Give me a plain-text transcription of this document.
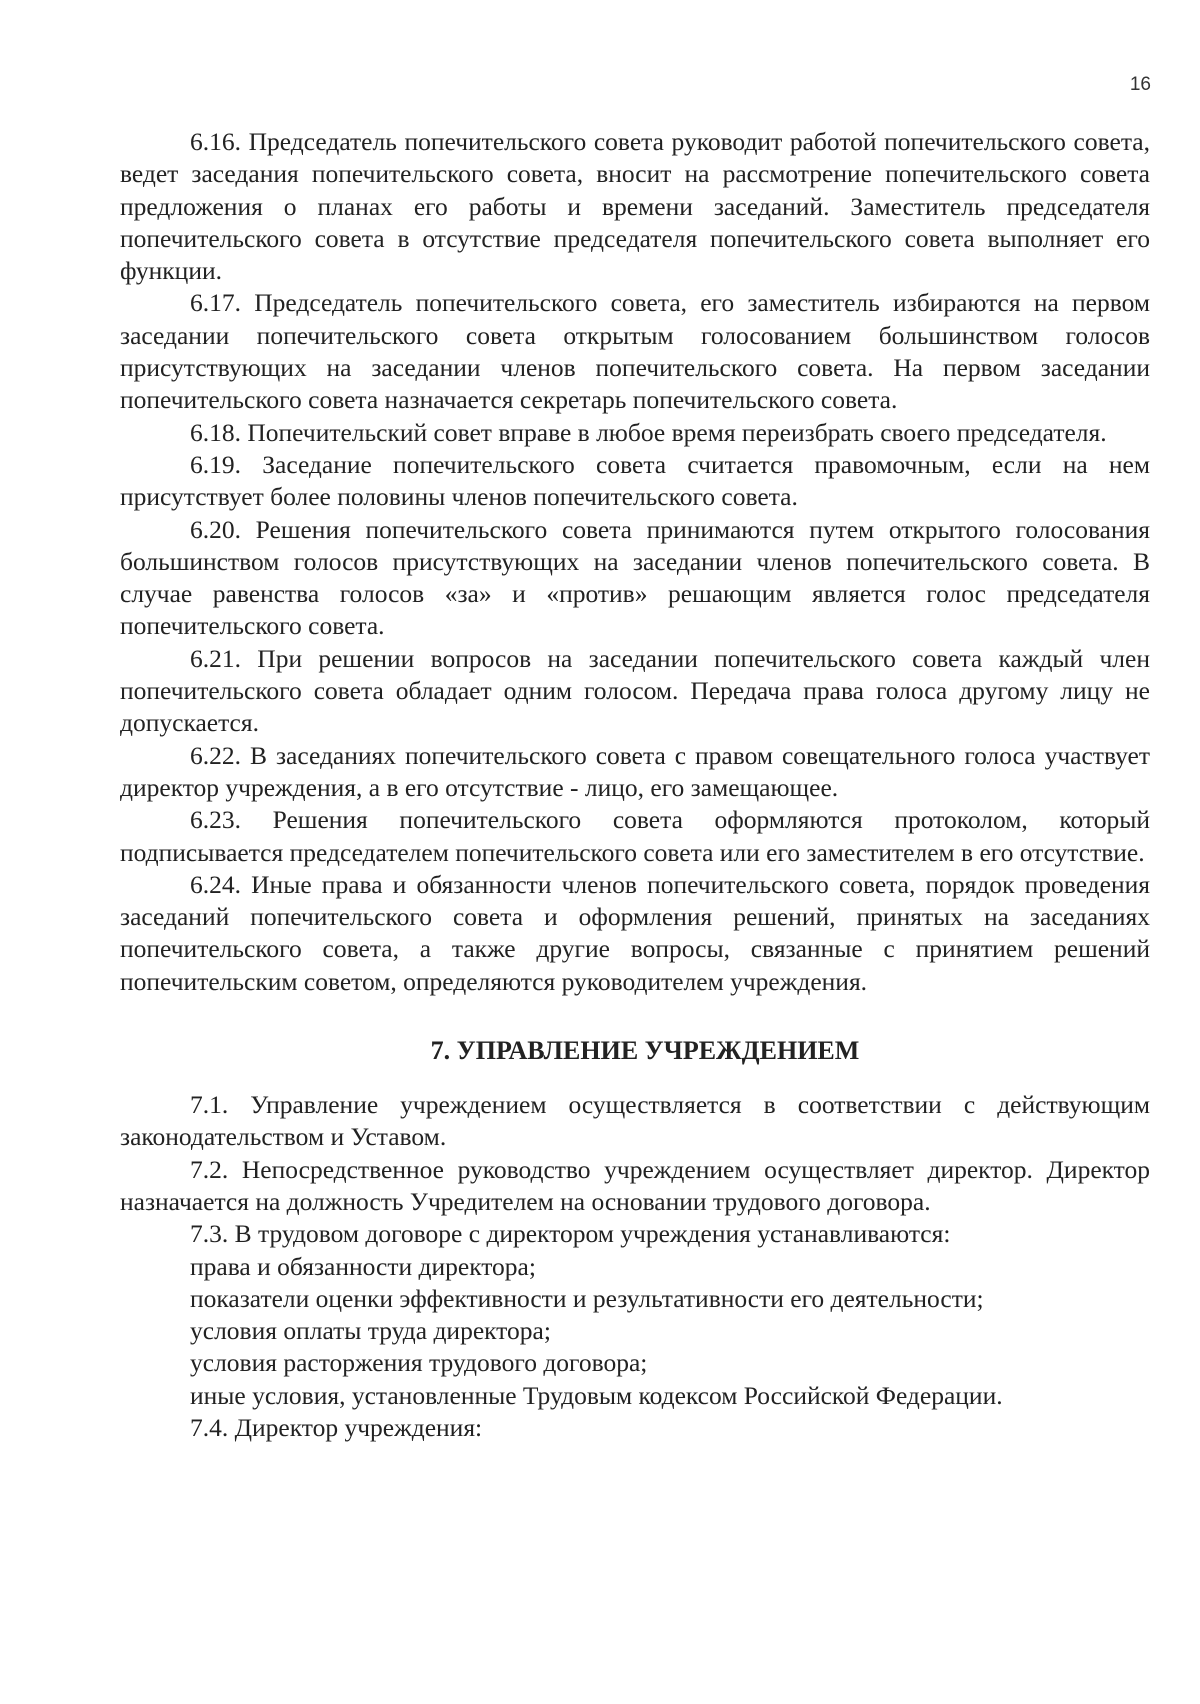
16

6.16. Председатель попечительского совета руководит работой попечительского совета, ведет заседания попечительского совета, вносит на рассмотрение попечительского совета предложения о планах его работы и времени заседаний. Заместитель председателя попечительского совета в отсутствие председателя попечительского совета выполняет его функции.

6.17. Председатель попечительского совета, его заместитель избираются на первом заседании попечительского совета открытым голосованием большинством голосов присутствующих на заседании членов попечительского совета. На первом заседании попечительского совета назначается секретарь попечительского совета.

6.18. Попечительский совет вправе в любое время переизбрать своего председателя.

6.19. Заседание попечительского совета считается правомочным, если на нем присутствует более половины членов попечительского совета.

6.20. Решения попечительского совета принимаются путем открытого голосования большинством голосов присутствующих на заседании членов попечительского совета. В случае равенства голосов «за» и «против» решающим является голос председателя попечительского совета.

6.21. При решении вопросов на заседании попечительского совета каждый член попечительского совета обладает одним голосом. Передача права голоса другому лицу не допускается.

6.22. В заседаниях попечительского совета с правом совещательного голоса участвует директор учреждения, а в его отсутствие - лицо, его замещающее.

6.23. Решения попечительского совета оформляются протоколом, который подписывается председателем попечительского совета или его заместителем в его отсутствие.

6.24. Иные права и обязанности членов попечительского совета, порядок проведения заседаний попечительского совета и оформления решений, принятых на заседаниях попечительского совета, а также другие вопросы, связанные с принятием решений попечительским советом, определяются руководителем учреждения.

7. УПРАВЛЕНИЕ УЧРЕЖДЕНИЕМ

7.1. Управление учреждением осуществляется в соответствии с действующим законодательством и Уставом.

7.2. Непосредственное руководство учреждением осуществляет директор. Директор назначается на должность Учредителем на основании трудового договора.

7.3. В трудовом договоре с директором учреждения устанавливаются:

права и обязанности директора;

показатели оценки эффективности и результативности его деятельности;

условия оплаты труда директора;

условия расторжения трудового договора;

иные условия, установленные Трудовым кодексом Российской Федерации.

7.4. Директор учреждения:
